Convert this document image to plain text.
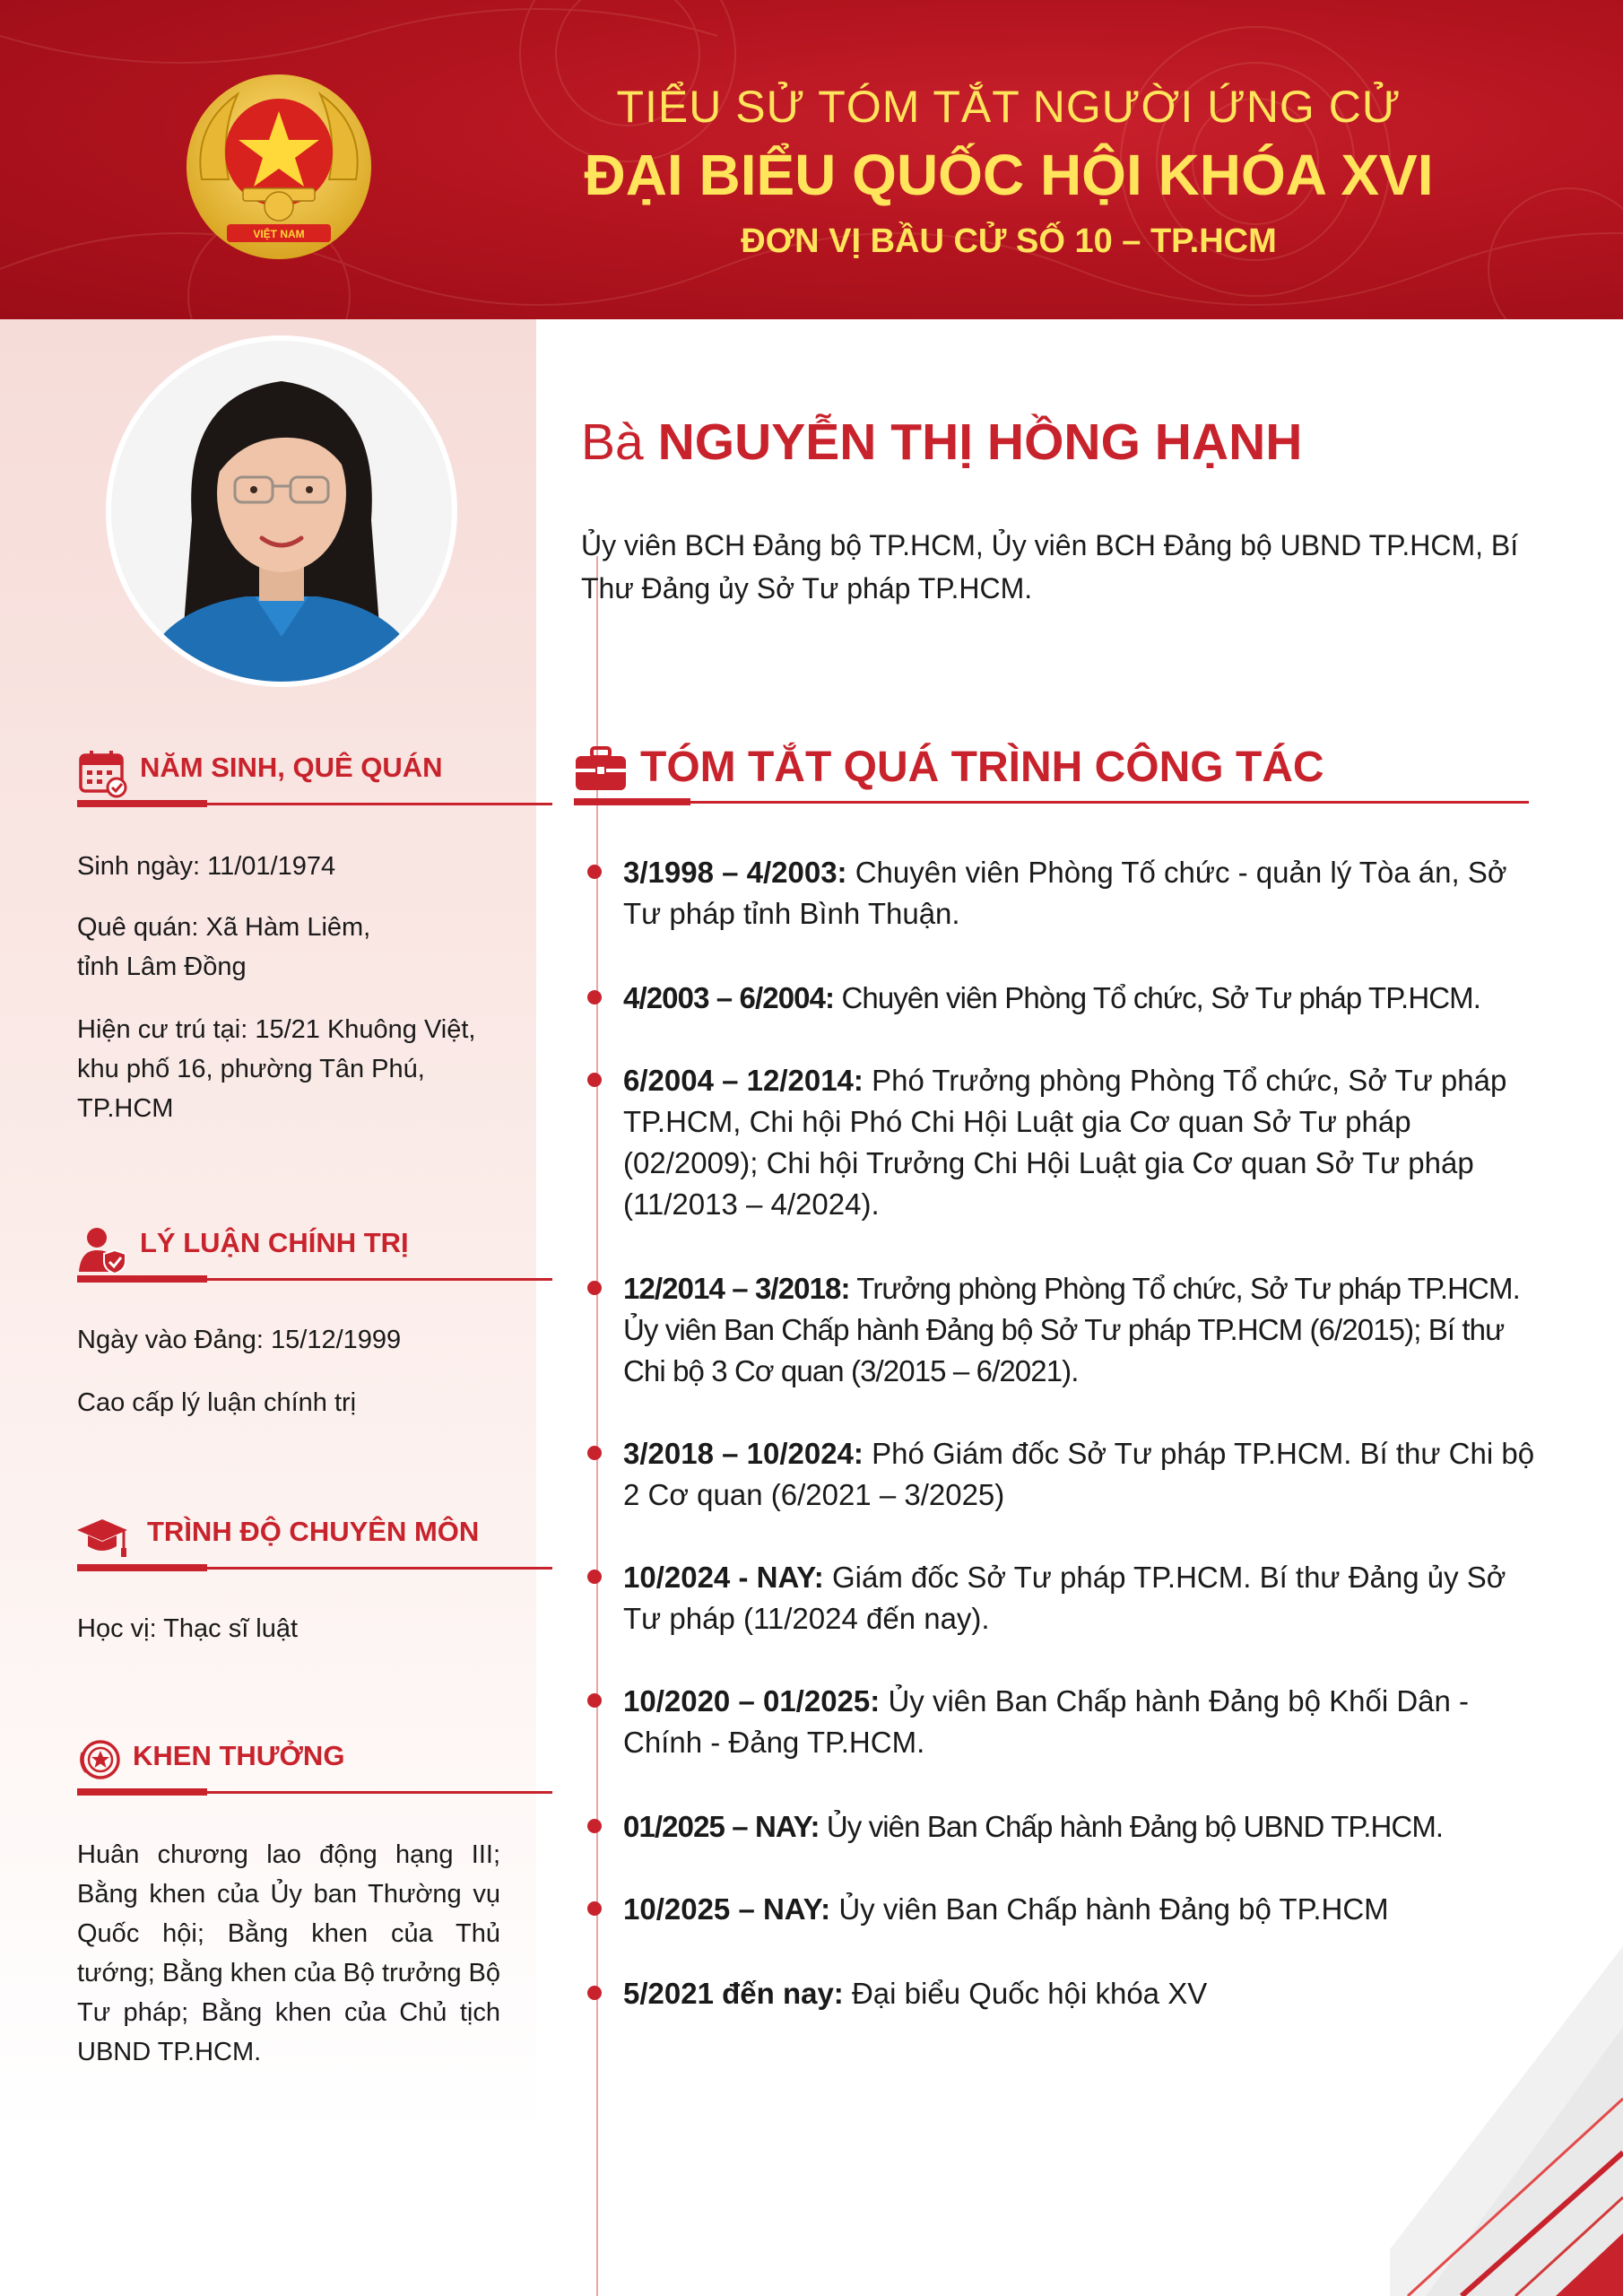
VIỆT NAM
TIỂU SỬ TÓM TẮT NGƯỜI ỨNG CỬ
ĐẠI BIỂU QUỐC HỘI KHÓA XVI
ĐƠN VỊ BẦU CỬ SỐ 10 – TP.HCM
NĂM SINH, QUÊ QUÁN
Sinh ngày: 11/01/1974
Quê quán: Xã Hàm Liêm,
tỉnh Lâm Đồng
Hiện cư trú tại: 15/21 Khuông Việt,
khu phố 16, phường Tân Phú,
TP.HCM
LÝ LUẬN CHÍNH TRỊ
Ngày vào Đảng: 15/12/1999
Cao cấp lý luận chính trị
TRÌNH ĐỘ CHUYÊN MÔN
Học vị: Thạc sĩ luật
KHEN THƯỞNG
Huân chương lao động hạng III; Bằng khen của Ủy ban Thường vụ Quốc hội; Bằng khen của Thủ tướng; Bằng khen của Bộ trưởng Bộ Tư pháp; Bằng khen của Chủ tịch UBND TP.HCM.
Bà NGUYỄN THỊ HỒNG HẠNH
Ủy viên BCH Đảng bộ TP.HCM, Ủy viên BCH Đảng bộ UBND TP.HCM, Bí Thư Đảng ủy Sở Tư pháp TP.HCM.
TÓM TẮT QUÁ TRÌNH CÔNG TÁC
3/1998 – 4/2003: Chuyên viên Phòng Tố chức - quản lý Tòa án, Sở Tư pháp tỉnh Bình Thuận.
4/2003 – 6/2004: Chuyên viên Phòng Tổ chức, Sở Tư pháp TP.HCM.
6/2004 – 12/2014: Phó Trưởng phòng Phòng Tổ chức, Sở Tư pháp TP.HCM, Chi hội Phó Chi Hội Luật gia Cơ quan Sở Tư pháp (02/2009); Chi hội Trưởng Chi Hội Luật gia Cơ quan Sở Tư pháp (11/2013 – 4/2024).
12/2014 – 3/2018: Trưởng phòng Phòng Tổ chức, Sở Tư pháp TP.HCM. Ủy viên Ban Chấp hành Đảng bộ Sở Tư pháp TP.HCM (6/2015); Bí thư Chi bộ 3 Cơ quan (3/2015 – 6/2021).
3/2018 – 10/2024: Phó Giám đốc Sở Tư pháp TP.HCM. Bí thư Chi bộ 2 Cơ quan (6/2021 – 3/2025)
10/2024 - NAY: Giám đốc Sở Tư pháp TP.HCM. Bí thư Đảng ủy Sở Tư pháp (11/2024 đến nay).
10/2020 – 01/2025: Ủy viên Ban Chấp hành Đảng bộ Khối Dân - Chính - Đảng TP.HCM.
01/2025 – NAY: Ủy viên Ban Chấp hành Đảng bộ UBND TP.HCM.
10/2025 – NAY: Ủy viên Ban Chấp hành Đảng bộ TP.HCM
5/2021 đến nay: Đại biểu Quốc hội khóa XV
